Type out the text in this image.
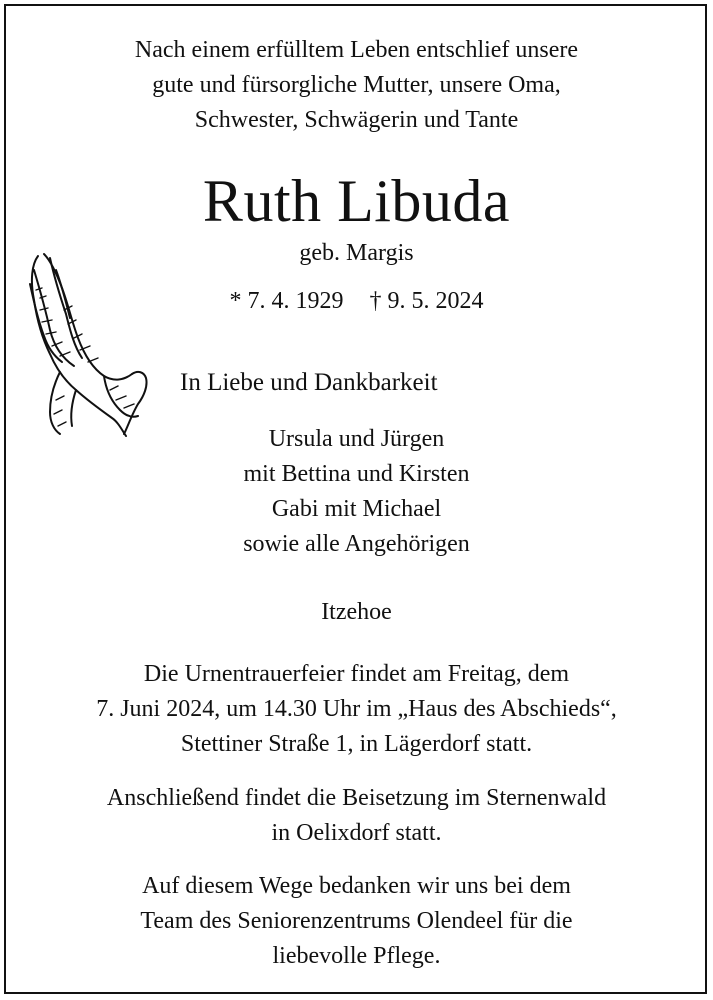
Nach einem erfülltem Leben entschlief unsere
gute und fürsorgliche Mutter, unsere Oma,
Schwester, Schwägerin und Tante
Ruth Libuda
geb. Margis
* 7. 4. 1929 † 9. 5. 2024
In Liebe und Dankbarkeit
Ursula und Jürgen
mit Bettina und Kirsten
Gabi mit Michael
sowie alle Angehörigen
Itzehoe
Die Urnentrauerfeier findet am Freitag, dem
7. Juni 2024, um 14.30 Uhr im „Haus des Abschieds“,
Stettiner Straße 1, in Lägerdorf statt.
Anschließend findet die Beisetzung im Sternenwald
in Oelixdorf statt.
Auf diesem Wege bedanken wir uns bei dem
Team des Seniorenzentrums Olendeel für die
liebevolle Pflege.
